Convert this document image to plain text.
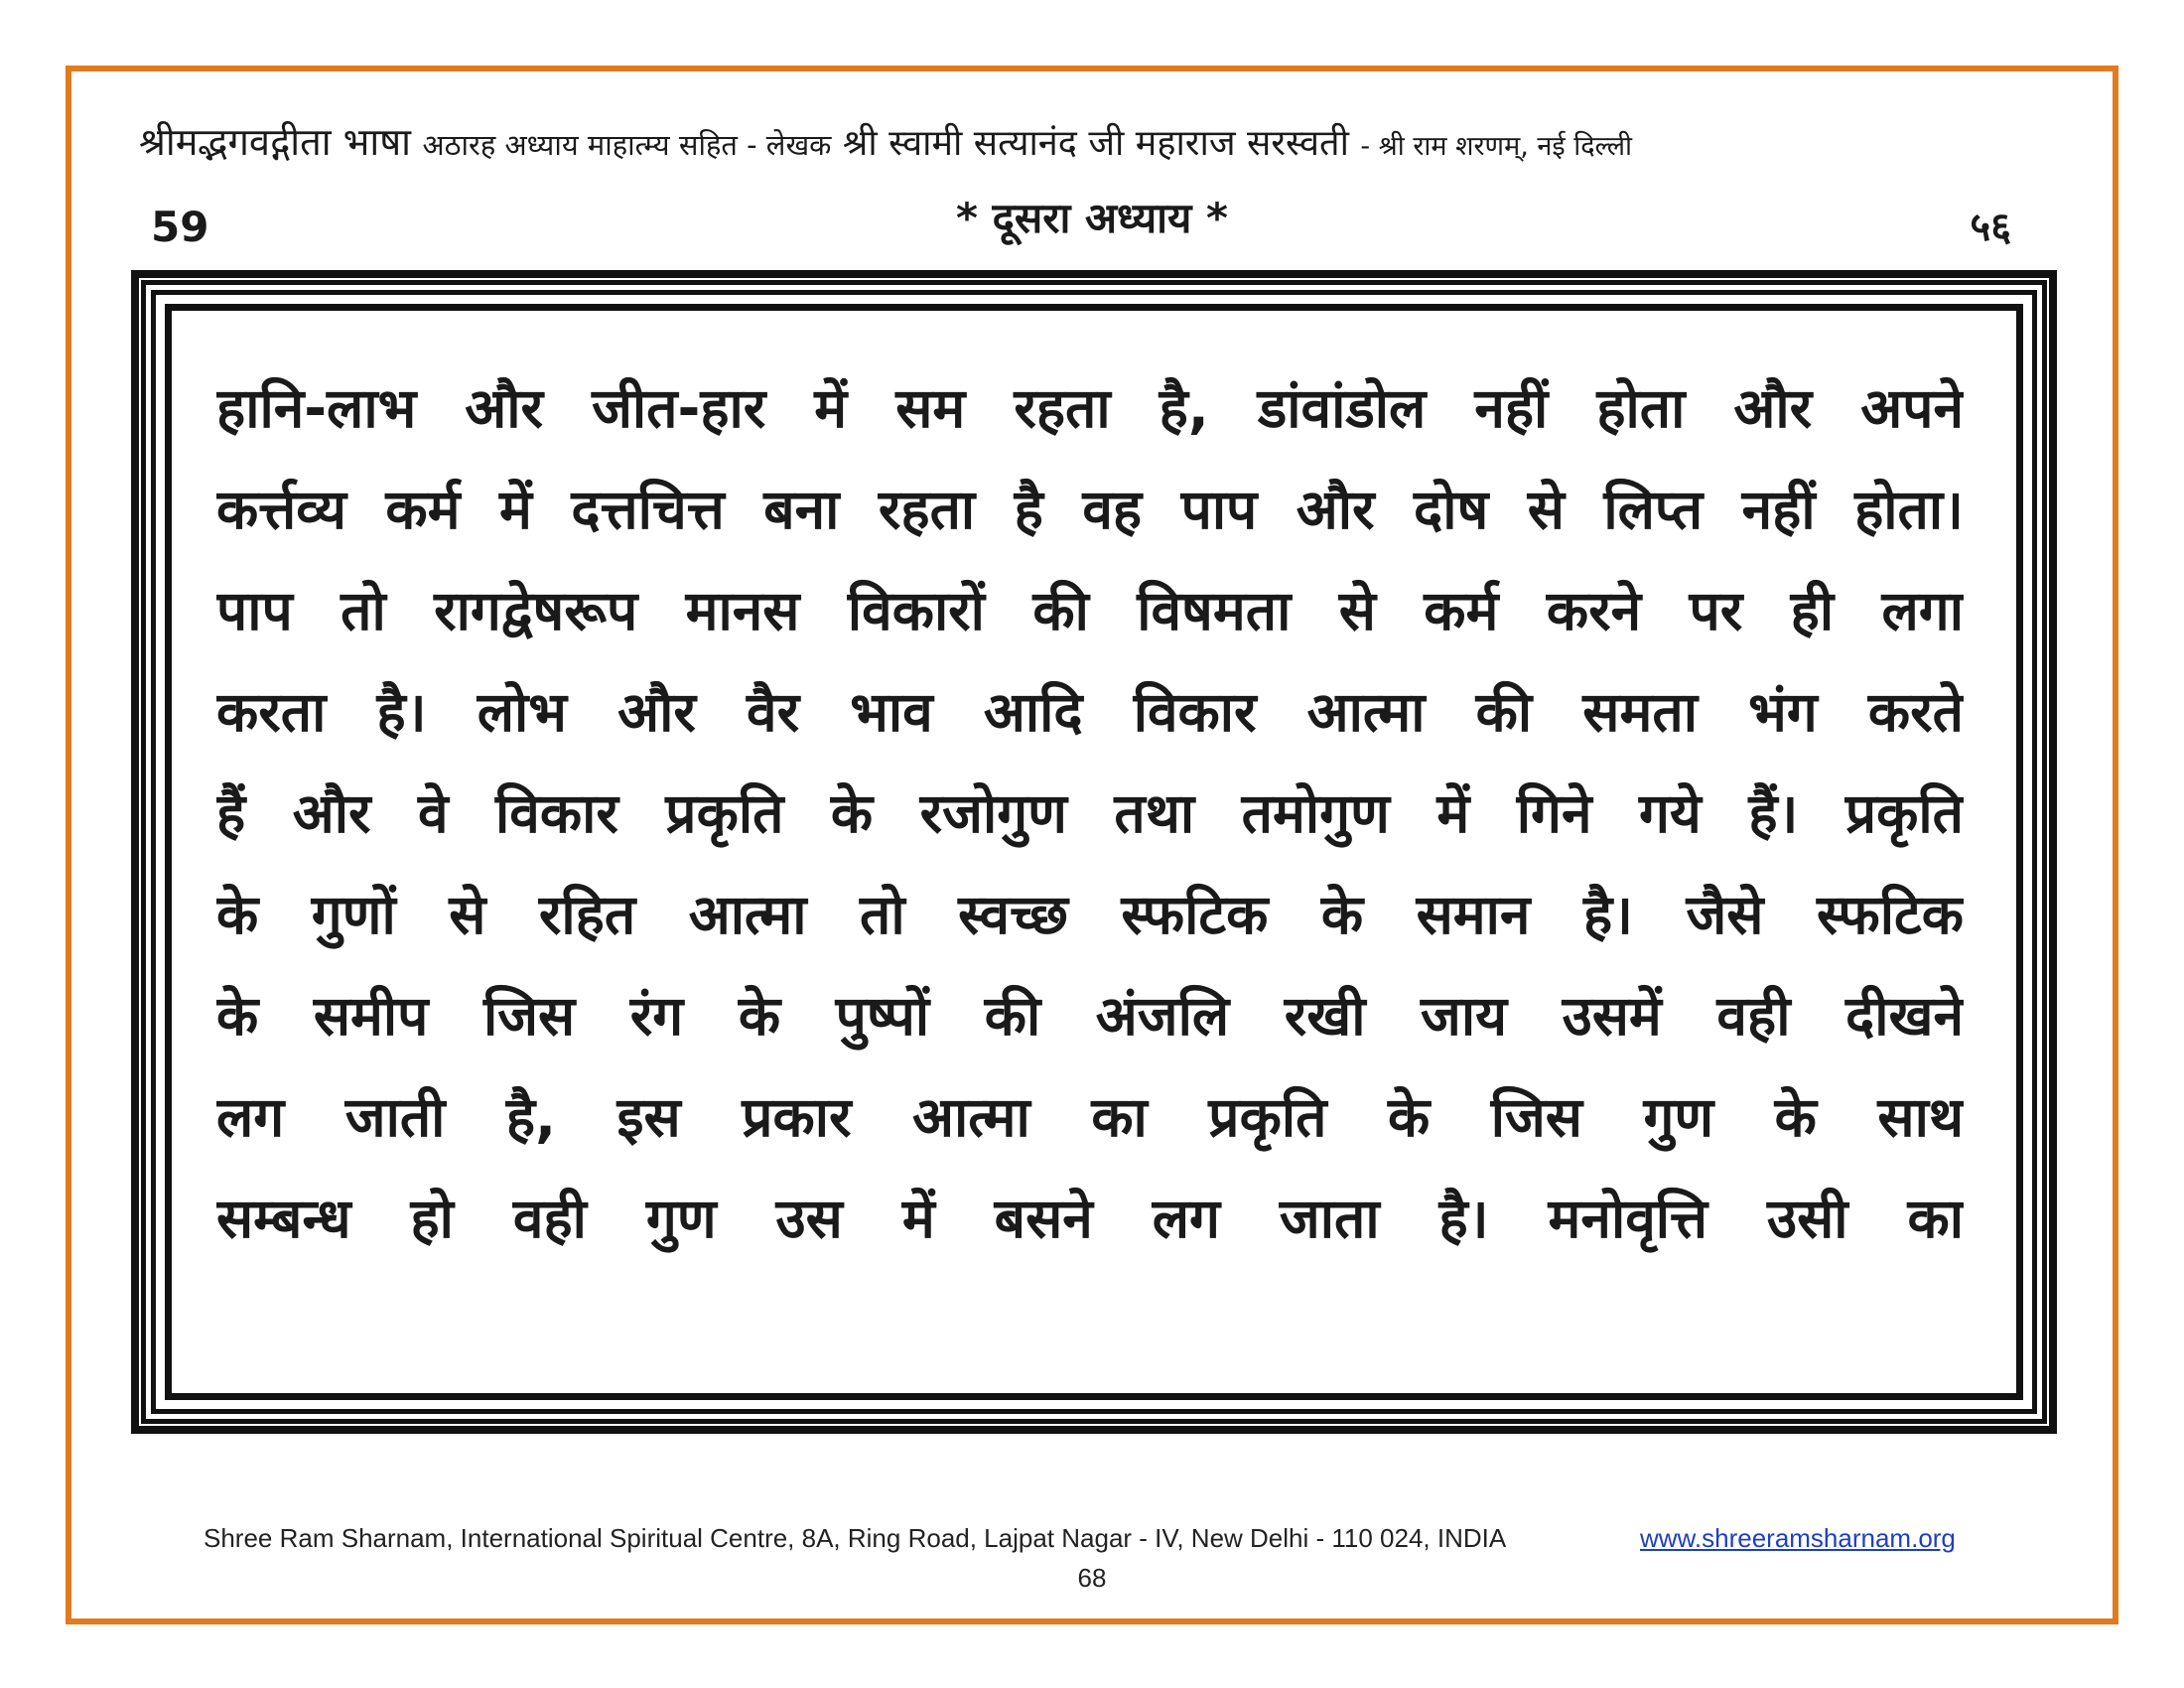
श्रीमद्भगवद्गीता भाषा अठारह अध्याय माहात्म्य सहित - लेखक श्री स्वामी सत्यानंद जी महाराज सरस्वती - श्री राम शरणम्, नई दिल्ली
59	* दूसरा अध्याय *	५६
हानि-लाभ और जीत-हार में सम रहता है, डांवांडोल नहीं होता और अपने
कर्त्तव्य कर्म में दत्तचित्त बना रहता है वह पाप और दोष से लिप्त नहीं होता।
पाप तो रागद्वेषरूप मानस विकारों की विषमता से कर्म करने पर ही लगा
करता है। लोभ और वैर भाव आदि विकार आत्मा की समता भंग करते
हैं और वे विकार प्रकृति के रजोगुण तथा तमोगुण में गिने गये हैं। प्रकृति
के गुणों से रहित आत्मा तो स्वच्छ स्फटिक के समान है। जैसे स्फटिक
के समीप जिस रंग के पुष्पों की अंजलि रखी जाय उसमें वही दीखने
लग जाती है, इस प्रकार आत्मा का प्रकृति के जिस गुण के साथ
सम्बन्ध हो वही गुण उस में बसने लग जाता है। मनोवृत्ति उसी का
Shree Ram Sharnam, International Spiritual Centre, 8A, Ring Road, Lajpat Nagar - IV, New Delhi - 110 024, INDIA	www.shreeramsharnam.org
68
